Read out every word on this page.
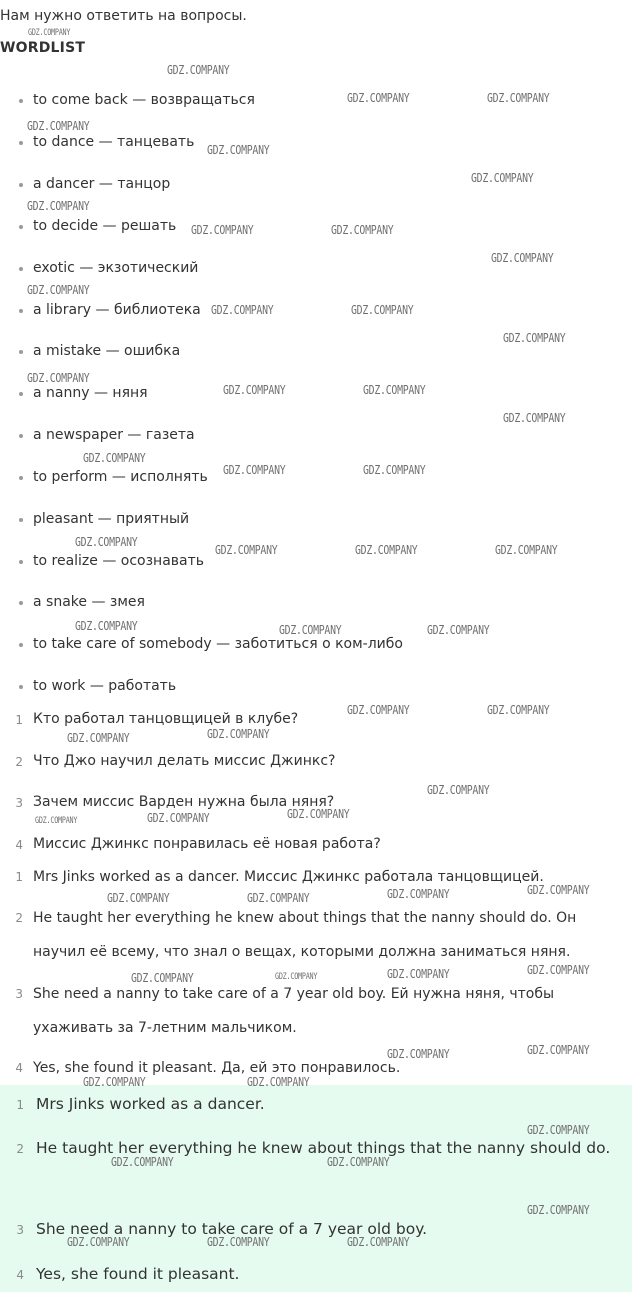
Нам нужно ответить на вопросы.

WORDLIST

to come back — возвращаться
to dance — танцевать
a dancer — танцор
to decide — решать
exotic — экзотический
a library — библиотека
a mistake — ошибка
a nanny — няня
a newspaper — газета
to perform — исполнять
pleasant — приятный
to realize — осознавать
a snake — змея
to take care of somebody — заботиться о ком-либо
to work — работать
1 Кто работал танцовщицей в клубе?
2 Что Джо научил делать миссис Джинкс?
3 Зачем миссис Варден нужна была няня?
4 Миссис Джинкс понравилась её новая работа?
1 Mrs Jinks worked as a dancer. Миссис Джинкс работала танцовщицей.
2 He taught her everything he knew about things that the nanny should do. Он научил её всему, что знал о вещах, которыми должна заниматься няня.
3 She need a nanny to take care of a 7 year old boy. Ей нужна няня, чтобы ухаживать за 7-летним мальчиком.
4 Yes, she found it pleasant. Да, ей это понравилось.
1 Mrs Jinks worked as a dancer.
2 He taught her everything he knew about things that the nanny should do.
3 She need a nanny to take care of a 7 year old boy.
4 Yes, she found it pleasant.
GDZ.COMPANY
GDZ.COMPANY
GDZ.COMPANY	GDZ.COMPANY
GDZ.COMPANY
GDZ.COMPANY
GDZ.COMPANY
GDZ.COMPANY
GDZ.COMPANY	GDZ.COMPANY
GDZ.COMPANY
GDZ.COMPANY
GDZ.COMPANY	GDZ.COMPANY
GDZ.COMPANY
GDZ.COMPANY
GDZ.COMPANY	GDZ.COMPANY
GDZ.COMPANY
GDZ.COMPANY
GDZ.COMPANY	GDZ.COMPANY
GDZ.COMPANY
GDZ.COMPANY	GDZ.COMPANY	GDZ.COMPANY
GDZ.COMPANY	GDZ.COMPANY	GDZ.COMPANY
GDZ.COMPANY	GDZ.COMPANY
GDZ.COMPANY	GDZ.COMPANY
GDZ.COMPANY
GDZ.COMPANY	GDZ.COMPANY	GDZ.COMPANY
GDZ.COMPANY	GDZ.COMPANY	GDZ.COMPANY	GDZ.COMPANY
GDZ.COMPANY	GDZ.COMPANY	GDZ.COMPANY	GDZ.COMPANY
GDZ.COMPANY	GDZ.COMPANY
GDZ.COMPANY	GDZ.COMPANY
GDZ.COMPANY
GDZ.COMPANY	GDZ.COMPANY
GDZ.COMPANY
GDZ.COMPANY	GDZ.COMPANY	GDZ.COMPANY
